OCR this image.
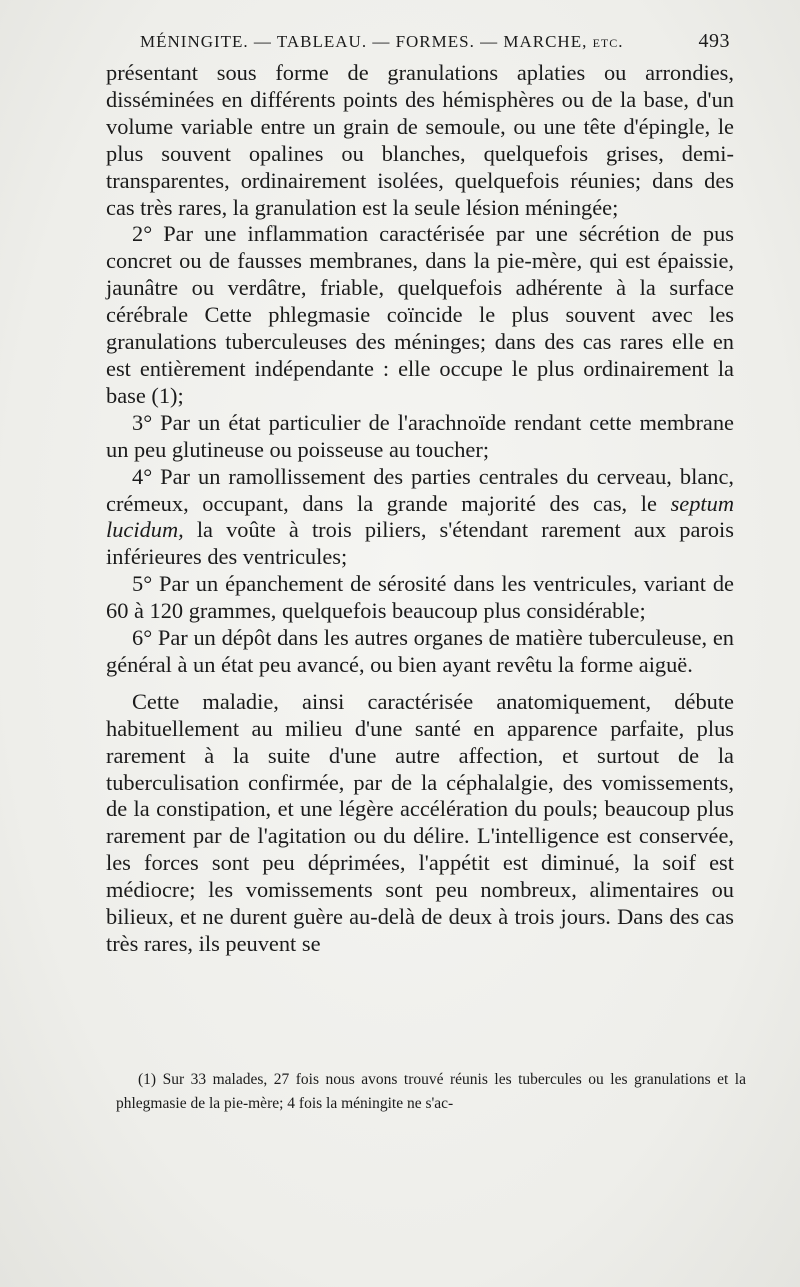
MÉNINGITE. — TABLEAU. — FORMES. — MARCHE, etc.	493

présentant sous forme de granulations aplaties ou arrondies, disséminées en différents points des hémisphères ou de la base, d'un volume variable entre un grain de semoule, ou une tête d'épingle, le plus souvent opalines ou blanches, quelquefois grises, demi-transparentes, ordinairement isolées, quelquefois réunies; dans des cas très rares, la granulation est la seule lésion méningée;

2° Par une inflammation caractérisée par une sécrétion de pus concret ou de fausses membranes, dans la pie-mère, qui est épaissie, jaunâtre ou verdâtre, friable, quelquefois adhérente à la surface cérébrale Cette phlegmasie coïncide le plus souvent avec les granulations tuberculeuses des méninges; dans des cas rares elle en est entièrement indépendante : elle occupe le plus ordinairement la base (1);

3° Par un état particulier de l'arachnoïde rendant cette membrane un peu glutineuse ou poisseuse au toucher;

4° Par un ramollissement des parties centrales du cerveau, blanc, crémeux, occupant, dans la grande majorité des cas, le septum lucidum, la voûte à trois piliers, s'étendant rarement aux parois inférieures des ventricules;

5° Par un épanchement de sérosité dans les ventricules, variant de 60 à 120 grammes, quelquefois beaucoup plus considérable;

6° Par un dépôt dans les autres organes de matière tuberculeuse, en général à un état peu avancé, ou bien ayant revêtu la forme aiguë.

Cette maladie, ainsi caractérisée anatomiquement, débute habituellement au milieu d'une santé en apparence parfaite, plus rarement à la suite d'une autre affection, et surtout de la tuberculisation confirmée, par de la céphalalgie, des vomissements, de la constipation, et une légère accélération du pouls; beaucoup plus rarement par de l'agitation ou du délire. L'intelligence est conservée, les forces sont peu déprimées, l'appétit est diminué, la soif est médiocre; les vomissements sont peu nombreux, alimentaires ou bilieux, et ne durent guère au-delà de deux à trois jours. Dans des cas très rares, ils peuvent se

(1) Sur 33 malades, 27 fois nous avons trouvé réunis les tubercules ou les granulations et la phlegmasie de la pie-mère; 4 fois la méningite ne s'ac-
